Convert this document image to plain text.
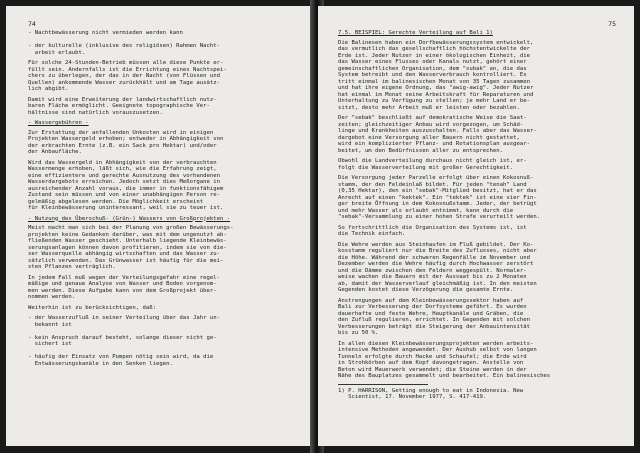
74

- Nachtbewässerung nicht vermieden werden kann

- der kulturelle (inklusive des religiösen) Rahmen Nacht-
arbeit erlaubt.

Für solche 24-Stunden-Betrieb müssen alle diese Punkte er-
füllt sein. Andernfalls ist die Errichtung eines Nachtspei-
chers zu überlegen, der das in der Nacht (von Flüssen und
Quellen) ankommende Wasser zurückhält und am Tage ausätz-
lich abgibt.

Damit wird eine Erweiterung der landwirtschaftlich nutz-
baren Fläche ermöglicht. Geeignete topographische Ver-
hältnisse sind natürlich vorauszusetzen.

- Wassergebühren -

Zur Erstattung der anfallenden Unkosten wird in einigen
Projekten Wassergeld erhoben; entweder in Abhängigkeit von
der erbrachten Ernte (z.B. ein Sack pro Hektar) und/oder
der Anbaufläche.

Wird das Wassergeld in Abhängigkeit von der verbrauchten
Wassermenge erhoben, läßt sich, wie die Erfahrung zeigt,
eine effizientere und gerechte Ausnutzung des vorhandenen
Wasserdargebots erreichen. Jedoch setzt dies Meßorgane in
ausreichender Anzahl voraus, die immer in funktionsfähigem
Zustand sein müssen und von einer unabhängigen Person re-
gelmäßig abgelesen werden. Die Möglichkeit erscheint
für Kleinbewässerung uninteressant, weil sie zu teuer ist.

- Nutzung des Überschuß- (Grün-) Wassers von Großprojekten -

Meist macht man sich bei der Planung von großen Bewässerungs-
projekten keine Gedanken darüber, was mit dem ungenutzt ab-
fließenden Wasser geschieht. Unterhalb liegende Kleinbewäs-
serungsanlagen können davon profitieren, indem sie von die-
ser Wasserquelle abhängig wirtschaften und das Wasser zu-
sätzlich verwenden. Das Grünwasser ist häufig für die mei-
sten Pflanzen verträglich.

In jedem Fall muß wegen der Verteilungsgefahr eine regel-
mäßige und genaue Analyse von Wasser und Boden vorgenom-
men werden. Diese Aufgabe kann von dem Großprojekt über-
nommen werden.

Weiterhin ist zu berücksichtigen, daß:

- der Wasserzufluß in seiner Verteilung über das Jahr un-
bekannt ist

- kein Anspruch darauf besteht, solange dieser nicht ge-
sichert ist

- häufig der Einsatz von Pumpen nötig sein wird, da die
Entwässerungskanäle in den Senken liegen.

75

7.5. BEISPIEL: Gerechte Verteilung auf Bali 1)

Die Balinesen haben ein Dorfbewässerungssystem entwickelt,
das vermutlich das gesellschaftlich höchstentwickelte der
Erde ist. Jeder Nutzer in einer ökologischen Einheit, die
das Wasser eines Flusses oder Kanals nutzt, gehört einer
gemeinschaftlichen Organisation, dem "subak" an, die das
System betreibt und den Wasserverbrauch kontrolliert. Es
tritt einmal im balinesischen Monat von 35 Tagen zusammen
und hat ihre eigene Ordnung, das "awig-awig". Jeder Nutzer
hat einmal im Monat seine Arbeitskraft für Reparaturen und
Unterhaltung zu Verfügung zu stellen; je mehr Land er be-
sitzt, desto mehr Arbeit muß er leisten oder bezahlen.

Der "sebak" beschließt auf demokratische Weise die Saat-
zeiten; gleichzeitiger Anbau wird vorgezogen, um Schäd-
linge und Krankheiten auszuschalten. Falls aber das Wasser-
dargebot eine Versorgung aller Bauern nicht gestattet,
wird ein komplizierter Pflanz- und Rotationsplan ausgear-
beitet, um den Bedürfnissen aller zu entsprechen.

Obwohl die Landverteilung durchaus nicht gleich ist, er-
folgt die Wasserverteilung mit großer Gerechtigkeit.

Die Versorgung jeder Parzelle erfolgt über einen Kokosnuß-
stamm, der den Feldeinlaß bildet. Für jeden "tenah" Land
(0,35 Hektar), den ein "sebak"-Mitglied besitzt, hat er das
Anrecht auf einen "kektek". Ein "tektek" ist eine vier Fin-
ger breite Öffnung in dem Kokosnußstamm. Jeder, der betrügt
und mehr Wasser als erlaubt entnimmt, kann durch die
"sebak"-Versammlung zu einer hohen Strafe verurteilt werden.

So fortschrittlich die Organisation des Systems ist, ist
die Technik einfach.

Die Wehre werden aus Steinhaufen im Fluß gebildet. Der Ko-
kosstamm reguliert nur die Breite des Zuflusses, nicht aber
die Höhe. Während der schweren Regenfälle im November und
Dezember werden die Wehre häufig durch Hochwasser zerstört
und die Dämme zwischen den Feldern weggespült. Normaler-
weise wachen die Bauern mit der Aussaat bis zu 2 Monaten
ab, damit der Wasserverlauf gleichmäßig ist. In den meisten
Gegenden kostet diese Verzögerung die gesamte Ernte.

Anstrengungen auf dem Kleinbewässerungssektor haben auf
Bali zur Verbesserung der Dorfsysteme geführt. Es wurden
dauerhafte und feste Wehre, Hauptkanäle und Gräben, die
den Zufluß regulieren, errichtet. In Gegenden mit solchen
Verbesserungen beträgt die Steigerung der Anbauintensität
bis zu 50 %.

In allen diesen Kleinbewässerungsprojekten werden arbeits-
intensive Methoden angewendet. Der Aushub selbst von langen
Tunneln erfolgte durch Hacke und Schaufel; die Erde wird
in Strohkörben auf dem Kopf davongetragen. Anstelle von
Beton wird Mauerwerk verwendet; die Steine werden in der
Nähe des Bauplatzes gesammelt und bearbeitet. Ein balinesisches

1) P. HARRISON, Getting enough to eat in Indonesia. New
Scientist, 17. November 1977, S. 417-419.
